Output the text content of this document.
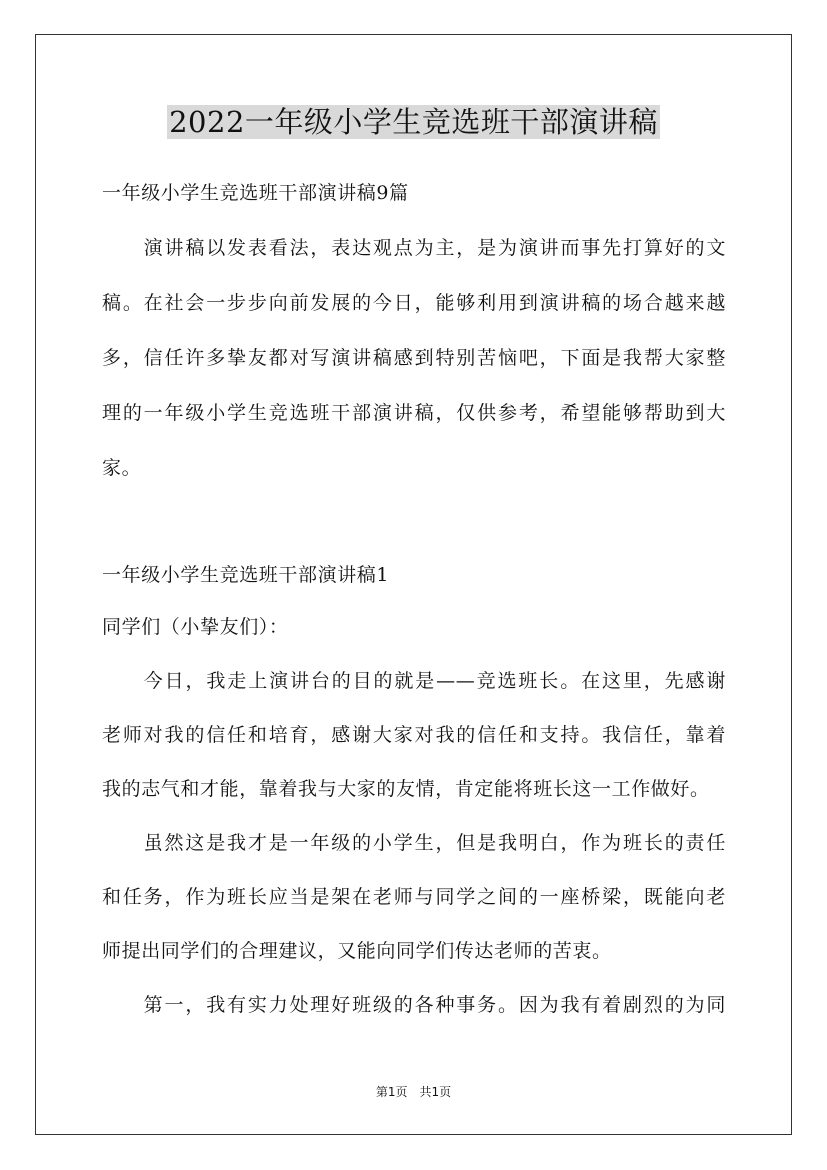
2022一年级小学生竞选班干部演讲稿
一年级小学生竞选班干部演讲稿9篇
　　演讲稿以发表看法，表达观点为主，是为演讲而事先打算好的文
稿。在社会一步步向前发展的今日，能够利用到演讲稿的场合越来越
多，信任许多挚友都对写演讲稿感到特别苦恼吧，下面是我帮大家整
理的一年级小学生竞选班干部演讲稿，仅供参考，希望能够帮助到大
家。
一年级小学生竞选班干部演讲稿1
同学们（小挚友们）：
　　今日，我走上演讲台的目的就是——竞选班长。在这里，先感谢
老师对我的信任和培育，感谢大家对我的信任和支持。我信任，靠着
我的志气和才能，靠着我与大家的友情，肯定能将班长这一工作做好。
　　虽然这是我才是一年级的小学生，但是我明白，作为班长的责任
和任务，作为班长应当是架在老师与同学之间的一座桥梁，既能向老
师提出同学们的合理建议，又能向同学们传达老师的苦衷。
　　第一，我有实力处理好班级的各种事务。因为我有着剧烈的为同
第1页　共1页
